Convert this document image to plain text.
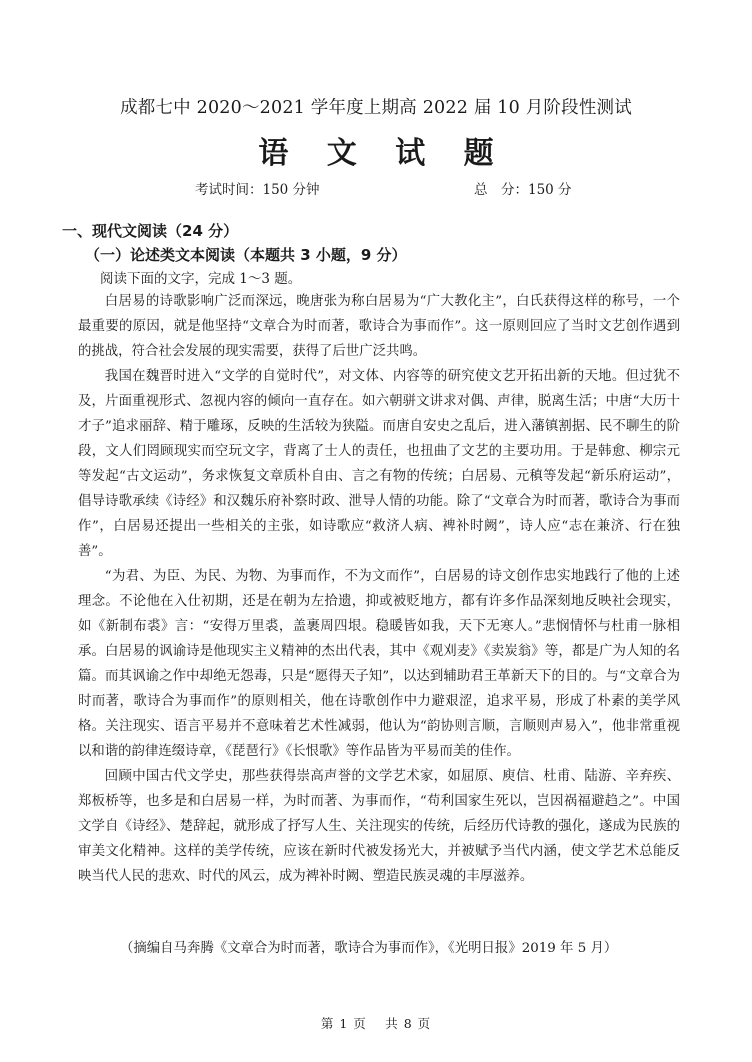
成都七中 2020～2021 学年度上期高 2022 届 10 月阶段性测试
语 文 试 题
考试时间：150 分钟	总　分：150 分
一、现代文阅读（24 分）
（一）论述类文本阅读（本题共 3 小题，9 分）
阅读下面的文字，完成 1～3 题。

白居易的诗歌影响广泛而深远，晚唐张为称白居易为“广大教化主”，白氏获得这样的称号，一个最重要的原因，就是他坚持“文章合为时而著，歌诗合为事而作”。这一原则回应了当时文艺创作遇到的挑战，符合社会发展的现实需要，获得了后世广泛共鸣。

我国在魏晋时进入“文学的自觉时代”，对文体、内容等的研究使文艺开拓出新的天地。但过犹不及，片面重视形式、忽视内容的倾向一直存在。如六朝骈文讲求对偶、声律，脱离生活；中唐“大历十才子”追求丽辞、精于雕琢，反映的生活较为狭隘。而唐自安史之乱后，进入藩镇割据、民不聊生的阶段，文人们罔顾现实而空玩文字，背离了士人的责任，也扭曲了文艺的主要功用。于是韩愈、柳宗元等发起“古文运动”，务求恢复文章质朴自由、言之有物的传统；白居易、元稹等发起“新乐府运动”，倡导诗歌承续《诗经》和汉魏乐府补察时政、泄导人情的功能。除了“文章合为时而著，歌诗合为事而作”，白居易还提出一些相关的主张，如诗歌应“救济人病、裨补时阙”，诗人应“志在兼济、行在独善”。

“为君、为臣、为民、为物、为事而作，不为文而作”，白居易的诗文创作忠实地践行了他的上述理念。不论他在入仕初期，还是在朝为左拾遗，抑或被贬地方，都有许多作品深刻地反映社会现实，如《新制布裘》言：“安得万里裘，盖裹周四垠。稳暖皆如我，天下无寒人。”悲悯情怀与杜甫一脉相承。白居易的讽谕诗是他现实主义精神的杰出代表，其中《观刈麦》《卖炭翁》等，都是广为人知的名篇。而其讽谕之作中却绝无怨毒，只是“愿得天子知”，以达到辅助君王革新天下的目的。与“文章合为时而著，歌诗合为事而作”的原则相关，他在诗歌创作中力避艰涩，追求平易，形成了朴素的美学风格。关注现实、语言平易并不意味着艺术性减弱，他认为“韵协则言顺，言顺则声易入”，他非常重视以和谐的韵律连缀诗章，《琵琶行》《长恨歌》等作品皆为平易而美的佳作。

回顾中国古代文学史，那些获得崇高声誉的文学艺术家，如屈原、庾信、杜甫、陆游、辛弃疾、郑板桥等，也多是和白居易一样，为时而著、为事而作，“苟利国家生死以，岂因祸福避趋之”。中国文学自《诗经》、楚辞起，就形成了抒写人生、关注现实的传统，后经历代诗教的强化，遂成为民族的审美文化精神。这样的美学传统，应该在新时代被发扬光大，并被赋予当代内涵，使文学艺术总能反映当代人民的悲欢、时代的风云，成为裨补时阙、塑造民族灵魂的丰厚滋养。

（摘编自马奔腾《文章合为时而著，歌诗合为事而作》，《光明日报》2019 年 5 月）
第 1 页　 共 8 页
